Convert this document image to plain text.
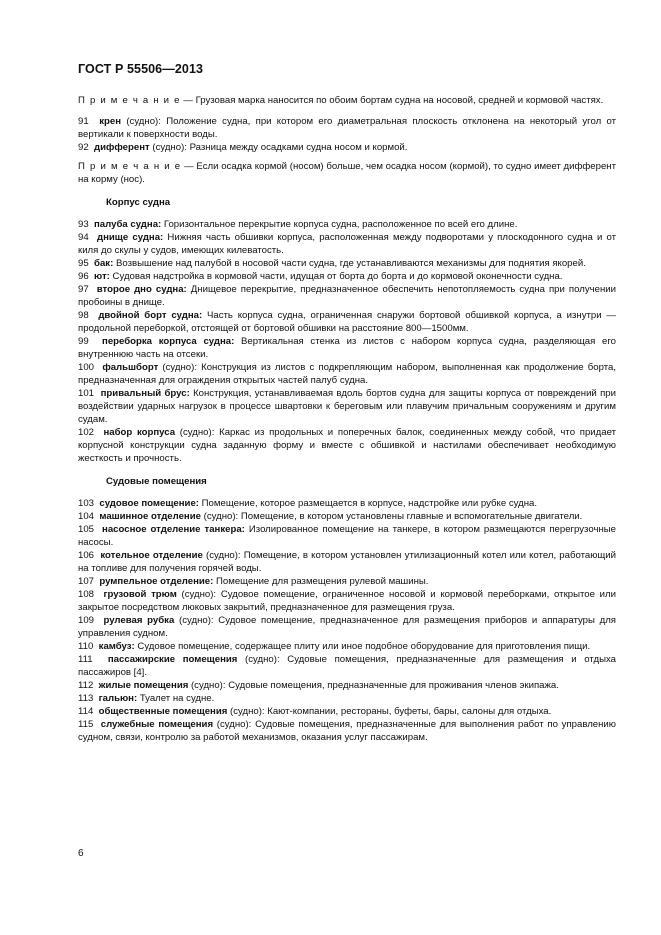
ГОСТ Р 55506—2013

П р и м е ч а н и е — Грузовая марка наносится по обоим бортам судна на носовой, средней и кормовой частях.

91 крен (судно): Положение судна, при котором его диаметральная плоскость отклонена на некоторый угол от вертикали к поверхности воды.
92 дифферент (судно): Разница между осадками судна носом и кормой.

П р и м е ч а н и е — Если осадка кормой (носом) больше, чем осадка носом (кормой), то судно имеет дифферент на корму (нос).

Корпус судна
93 палуба судна: Горизонтальное перекрытие корпуса судна, расположенное по всей его длине.
94 днище судна: Нижняя часть обшивки корпуса, расположенная между подворотами у плоскодонного судна и от киля до скулы у судов, имеющих килеватость.
95 бак: Возвышение над палубой в носовой части судна, где устанавливаются механизмы для поднятия якорей.
96 ют: Судовая надстройка в кормовой части, идущая от борта до борта и до кормовой оконечности судна.
97 второе дно судна: Днищевое перекрытие, предназначенное обеспечить непотопляемость судна при получении пробоины в днище.
98 двойной борт судна: Часть корпуса судна, ограниченная снаружи бортовой обшивкой корпуса, а изнутри — продольной переборкой, отстоящей от бортовой обшивки на расстояние 800—1500мм.
99 переборка корпуса судна: Вертикальная стенка из листов с набором корпуса судна, разделяющая его внутреннюю часть на отсеки.
100 фальшборт (судно): Конструкция из листов с подкрепляющим набором, выполненная как продолжение борта, предназначенная для ограждения открытых частей палуб судна.
101 привальный брус: Конструкция, устанавливаемая вдоль бортов судна для защиты корпуса от повреждений при воздействии ударных нагрузок в процессе швартовки к береговым или плавучим причальным сооружениям и другим судам.
102 набор корпуса (судно): Каркас из продольных и поперечных балок, соединенных между собой, что придает корпусной конструкции судна заданную форму и вместе с обшивкой и настилами обеспечивает необходимую жесткость и прочность.
Судовые помещения
103 судовое помещение: Помещение, которое размещается в корпусе, надстройке или рубке судна.
104 машинное отделение (судно): Помещение, в котором установлены главные и вспомогательные двигатели.
105 насосное отделение танкера: Изолированное помещение на танкере, в котором размещаются перегрузочные насосы.
106 котельное отделение (судно): Помещение, в котором установлен утилизационный котел или котел, работающий на топливе для получения горячей воды.
107 румпельное отделение: Помещение для размещения рулевой машины.
108 грузовой трюм (судно): Судовое помещение, ограниченное носовой и кормовой переборками, открытое или закрытое посредством люковых закрытий, предназначенное для размещения груза.
109 рулевая рубка (судно): Судовое помещение, предназначенное для размещения приборов и аппаратуры для управления судном.
110 камбуз: Судовое помещение, содержащее плиту или иное подобное оборудование для приготовления пищи.
111 пассажирские помещения (судно): Судовые помещения, предназначенные для размещения и отдыха пассажиров [4].
112 жилые помещения (судно): Судовые помещения, предназначенные для проживания членов экипажа.
113 гальюн: Туалет на судне.
114 общественные помещения (судно): Кают-компании, рестораны, буфеты, бары, салоны для отдыха.
115 служебные помещения (судно): Судовые помещения, предназначенные для выполнения работ по управлению судном, связи, контролю за работой механизмов, оказания услуг пассажирам.
6
